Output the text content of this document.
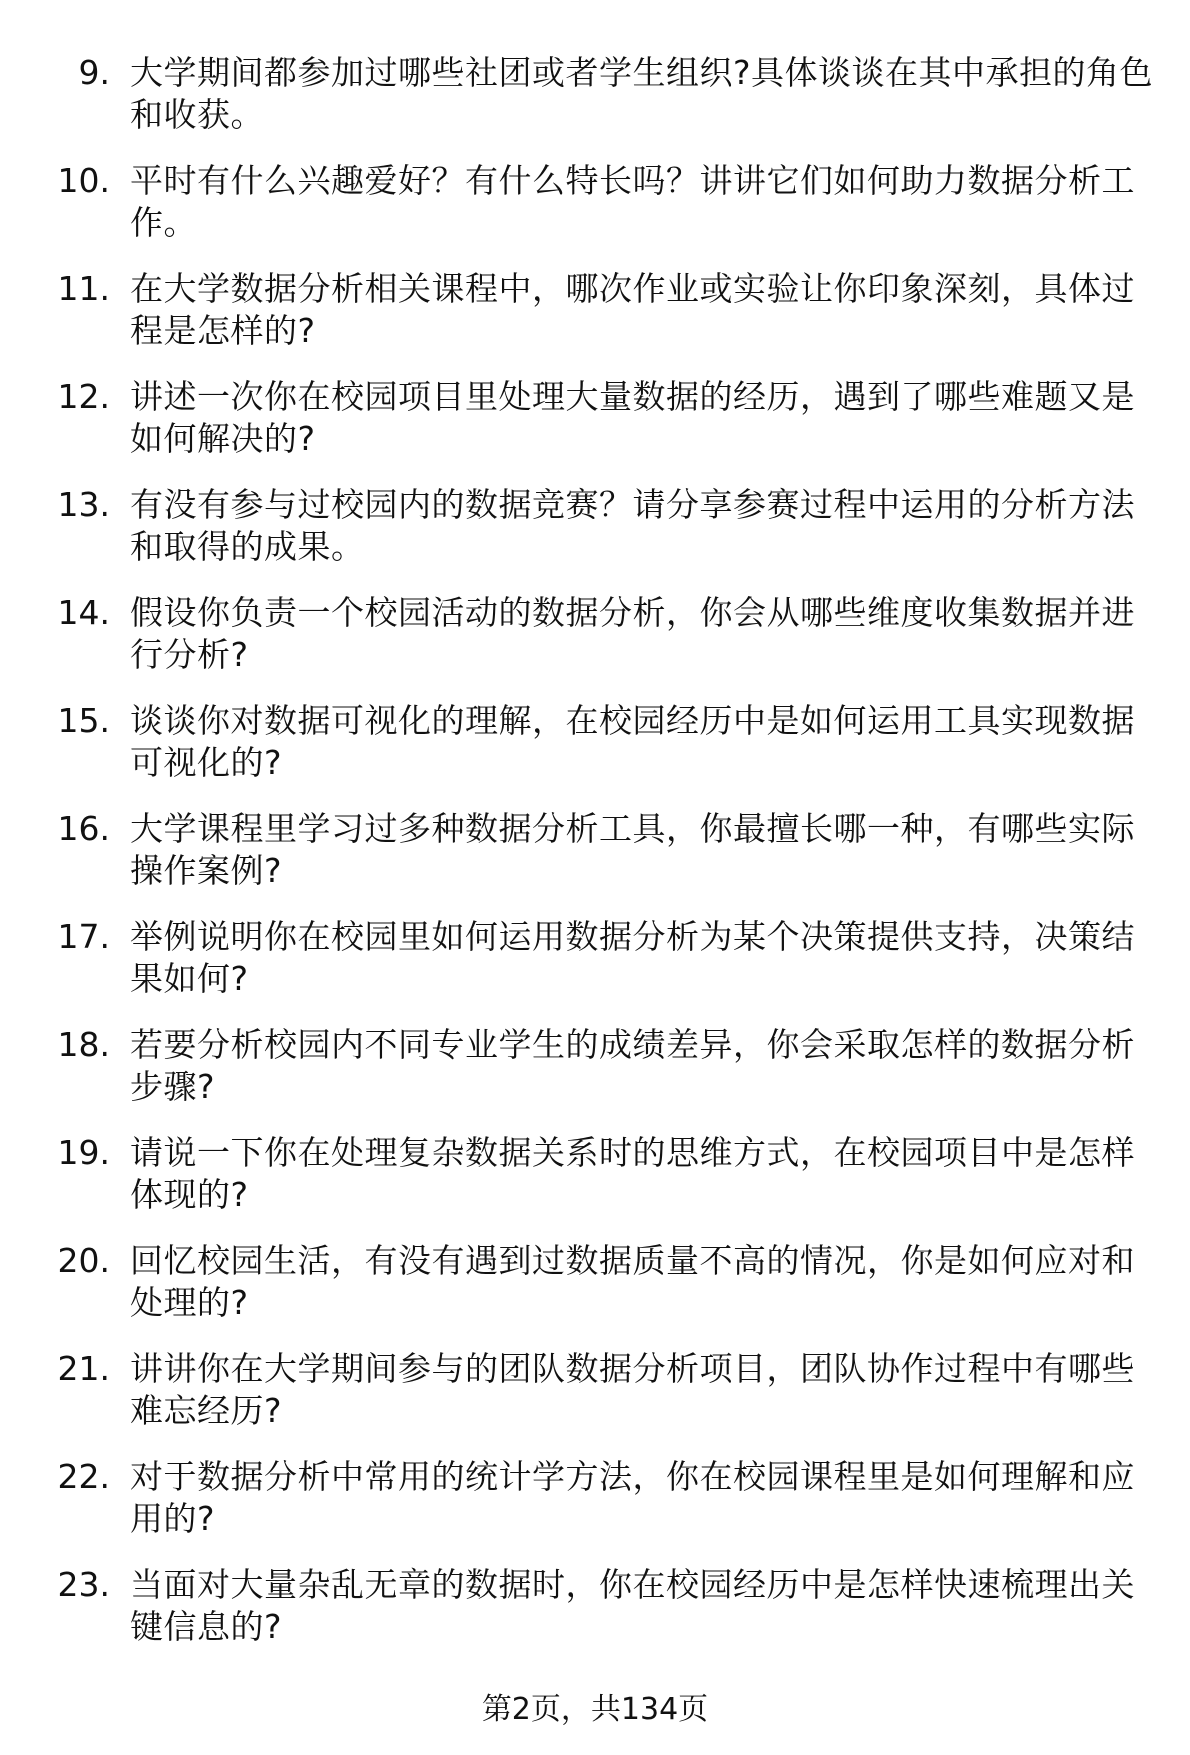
9. 大学期间都参加过哪些社团或者学生组织?具体谈谈在其中承担的角色和收获。
10. 平时有什么兴趣爱好？有什么特长吗？讲讲它们如何助力数据分析工作。
11. 在大学数据分析相关课程中，哪次作业或实验让你印象深刻，具体过程是怎样的?
12. 讲述一次你在校园项目里处理大量数据的经历，遇到了哪些难题又是如何解决的?
13. 有没有参与过校园内的数据竞赛？请分享参赛过程中运用的分析方法和取得的成果。
14. 假设你负责一个校园活动的数据分析，你会从哪些维度收集数据并进行分析?
15. 谈谈你对数据可视化的理解，在校园经历中是如何运用工具实现数据可视化的?
16. 大学课程里学习过多种数据分析工具，你最擅长哪一种，有哪些实际操作案例?
17. 举例说明你在校园里如何运用数据分析为某个决策提供支持，决策结果如何?
18. 若要分析校园内不同专业学生的成绩差异，你会采取怎样的数据分析步骤?
19. 请说一下你在处理复杂数据关系时的思维方式，在校园项目中是怎样体现的?
20. 回忆校园生活，有没有遇到过数据质量不高的情况，你是如何应对和处理的?
21. 讲讲你在大学期间参与的团队数据分析项目，团队协作过程中有哪些难忘经历?
22. 对于数据分析中常用的统计学方法，你在校园课程里是如何理解和应用的?
23. 当面对大量杂乱无章的数据时，你在校园经历中是怎样快速梳理出关键信息的?
第2页，共134页
